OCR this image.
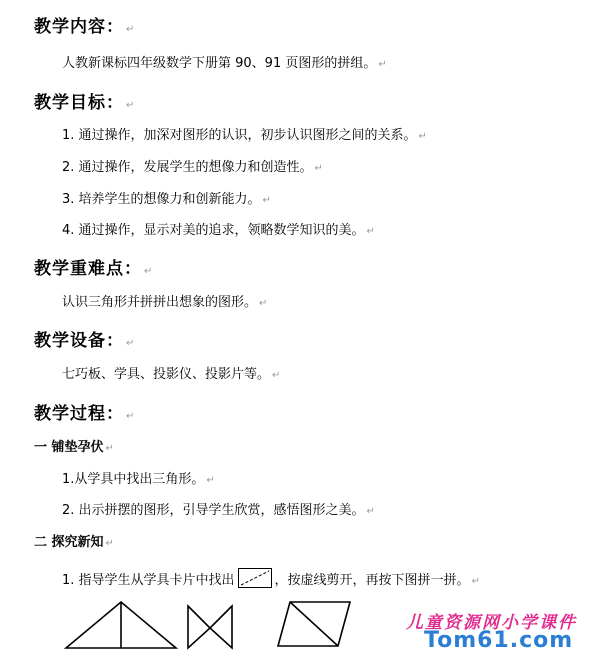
教学内容： ↵
人教新课标四年级数学下册第 90、91 页图形的拼组。 ↵
教学目标： ↵
1. 通过操作，加深对图形的认识，初步认识图形之间的关系。 ↵
2. 通过操作，发展学生的想像力和创造性。 ↵
3. 培养学生的想像力和创新能力。 ↵
4. 通过操作，显示对美的追求，领略数学知识的美。 ↵
教学重难点： ↵
认识三角形并拼拼出想象的图形。 ↵
教学设备： ↵
七巧板、学具、投影仪、投影片等。 ↵
教学过程： ↵
一 铺垫孕伏 ↵
1.从学具中找出三角形。 ↵
2. 出示拼摆的图形，引导学生欣赏，感悟图形之美。 ↵
二 探究新知 ↵
1. 指导学生从学具卡片中找出	，按虚线剪开，再按下图拼一拼。 ↵
儿童资源网小学课件
Tom61.com
